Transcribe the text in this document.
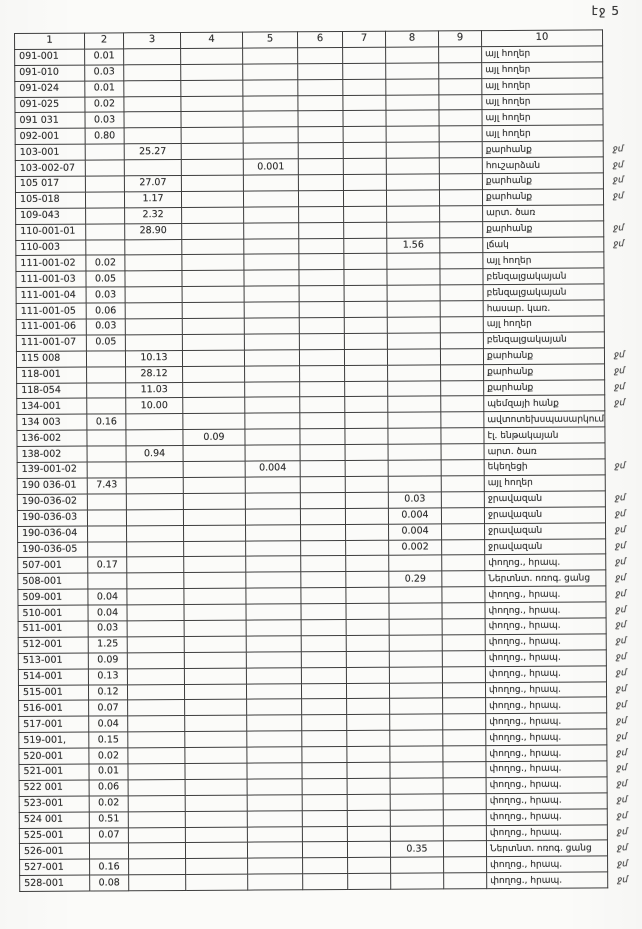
էջ 5
1	2	3	4	5	6	7	8	9	10	
091-001	0.01								այլ հողեր	
091-010	0.03								այլ հողեր	
091-024	0.01								այլ հողեր	
091-025	0.02								այլ հողեր	
091 031	0.03								այլ հողեր	
092-001	0.80								այլ հողեր	
103-001		25.27							քարհանք	ջմ
103-002-07				0.001					հուշարձան	ջմ
105 017		27.07							քարհանք	ջմ
105-018		1.17							քարհանք	ջմ
109-043		2.32							արտ. ծառ	
110-001-01		28.90							քարհանք	ջմ
110-003							1.56		լճակ	ջմ
111-001-02	0.02								այլ հողեր	
111-001-03	0.05								բենզալցակայան	
111-001-04	0.03								բենզալցակայան	
111-001-05	0.06								հասար. կառ.	
111-001-06	0.03								այլ հողեր	
111-001-07	0.05								բենզալցակայան	
115 008		10.13							քարհանք	ջմ
118-001		28.12							քարհանք	ջմ
118-054		11.03							քարհանք	ջմ
134-001		10.00							պեմզայի հանք	ջմ
134 003	0.16								ավտոտեխսպասարկում	
136-002			0.09						էլ. ենթակայան	
138-002		0.94							արտ. ծառ	
139-001-02				0.004					եկեղեցի	ջմ
190 036-01	7.43								այլ հողեր	
190-036-02							0.03		ջրավազան	ջմ
190-036-03							0.004		ջրավազան	ջմ
190-036-04							0.004		ջրավազան	ջմ
190-036-05							0.002		ջրավազան	ջմ
507-001	0.17								փողոց., հրապ.	ջմ
508-001							0.29		Ներտնտ. ոռոգ. ցանց	ջմ
509-001	0.04								փողոց., հրապ.	ջմ
510-001	0.04								փողոց., հրապ.	ջմ
511-001	0.03								փողոց., հրապ.	ջմ
512-001	1.25								փողոց., հրապ.	ջմ
513-001	0.09								փողոց., հրապ.	ջմ
514-001	0.13								փողոց., հրապ.	ջմ
515-001	0.12								փողոց., հրապ.	ջմ
516-001	0.07								փողոց., հրապ.	ջմ
517-001	0.04								փողոց., հրապ.	ջմ
519-001,	0.15								փողոց., հրապ.	ջմ
520-001	0.02								փողոց., հրապ.	ջմ
521-001	0.01								փողոց., հրապ.	ջմ
522 001	0.06								փողոց., հրապ.	ջմ
523-001	0.02								փողոց., հրապ.	ջմ
524 001	0.51								փողոց., հրապ.	ջմ
525-001	0.07								փողոց., հրապ.	ջմ
526-001							0.35		Ներտնտ. ոռոգ. ցանց	ջմ
527-001	0.16								փողոց., հրապ.	ջմ
528-001	0.08								փողոց., հրապ.	ջմ
